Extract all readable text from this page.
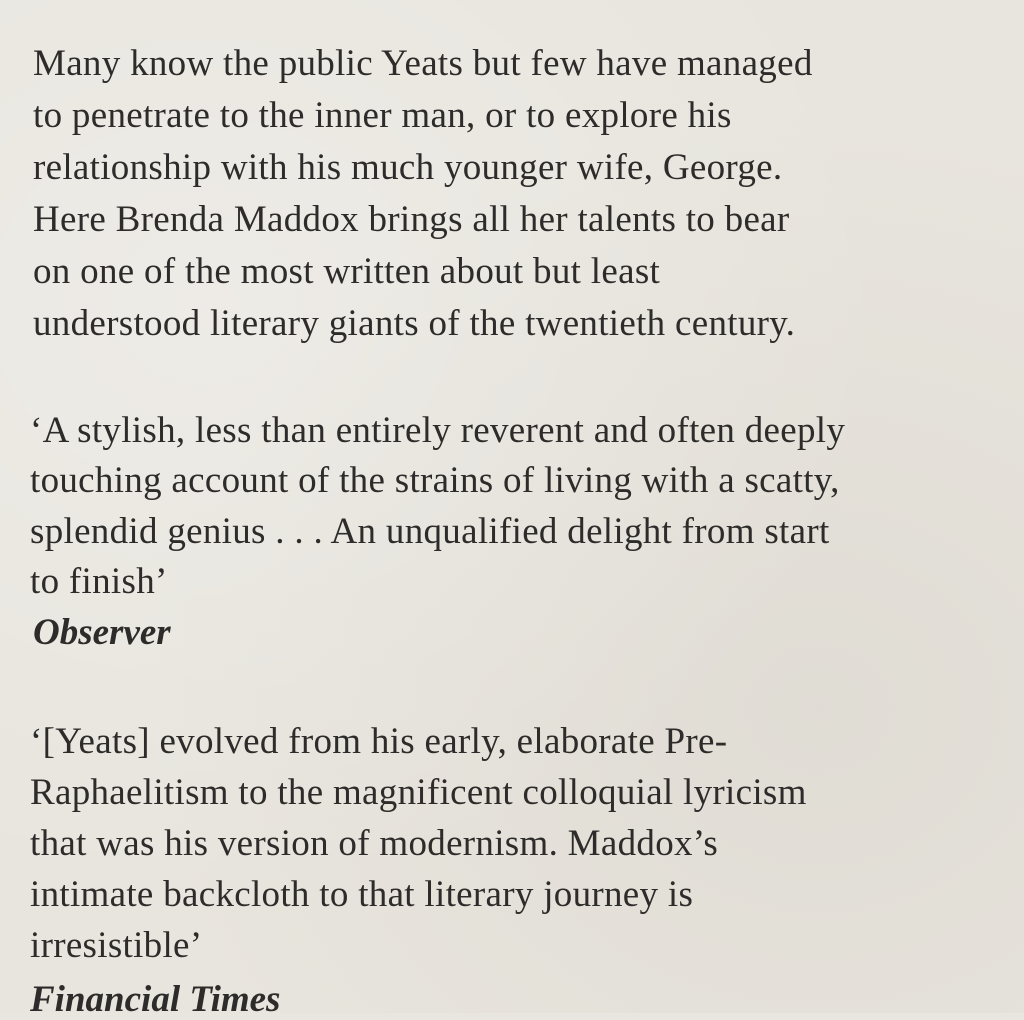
Many know the public Yeats but few have managed
to penetrate to the inner man, or to explore his
relationship with his much younger wife, George.
Here Brenda Maddox brings all her talents to bear
on one of the most written about but least
understood literary giants of the twentieth century.
‘A stylish, less than entirely reverent and often deeply
touching account of the strains of living with a scatty,
splendid genius . . . An unqualified delight from start
to finish’
Observer
‘[Yeats] evolved from his early, elaborate Pre-
Raphaelitism to the magnificent colloquial lyricism
that was his version of modernism. Maddox’s
intimate backcloth to that literary journey is
irresistible’
Financial Times
